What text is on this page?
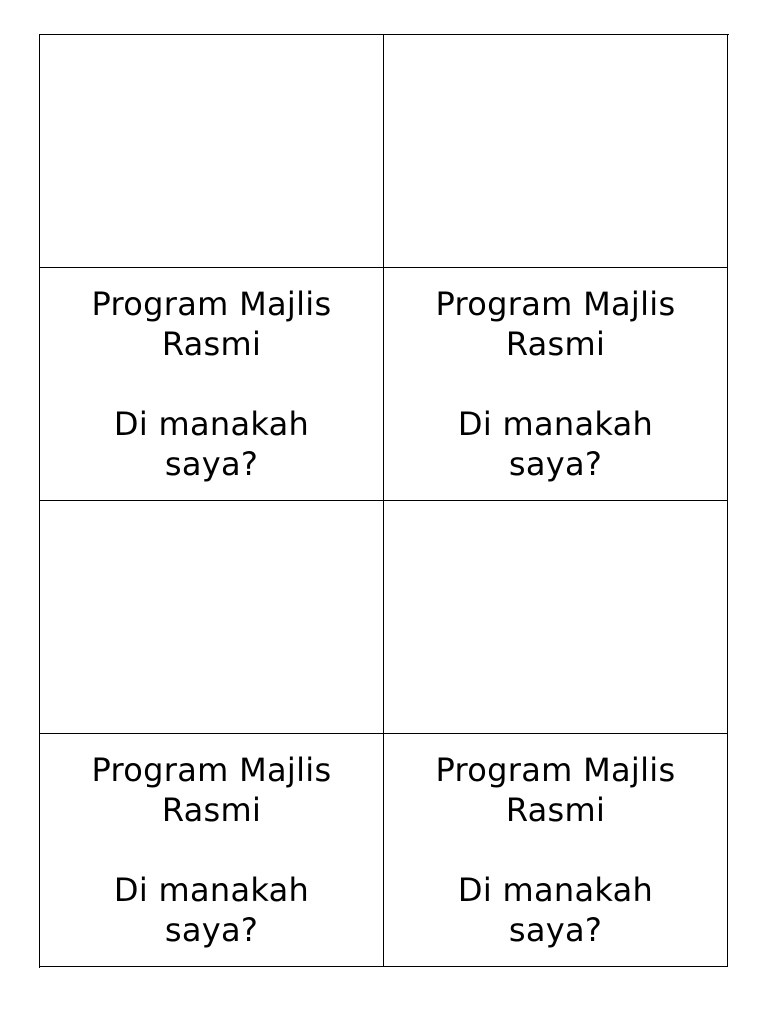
Program Majlis
Rasmi
Di manakah
saya?
Program Majlis
Rasmi
Di manakah
saya?
Program Majlis
Rasmi
Di manakah
saya?
Program Majlis
Rasmi
Di manakah
saya?
